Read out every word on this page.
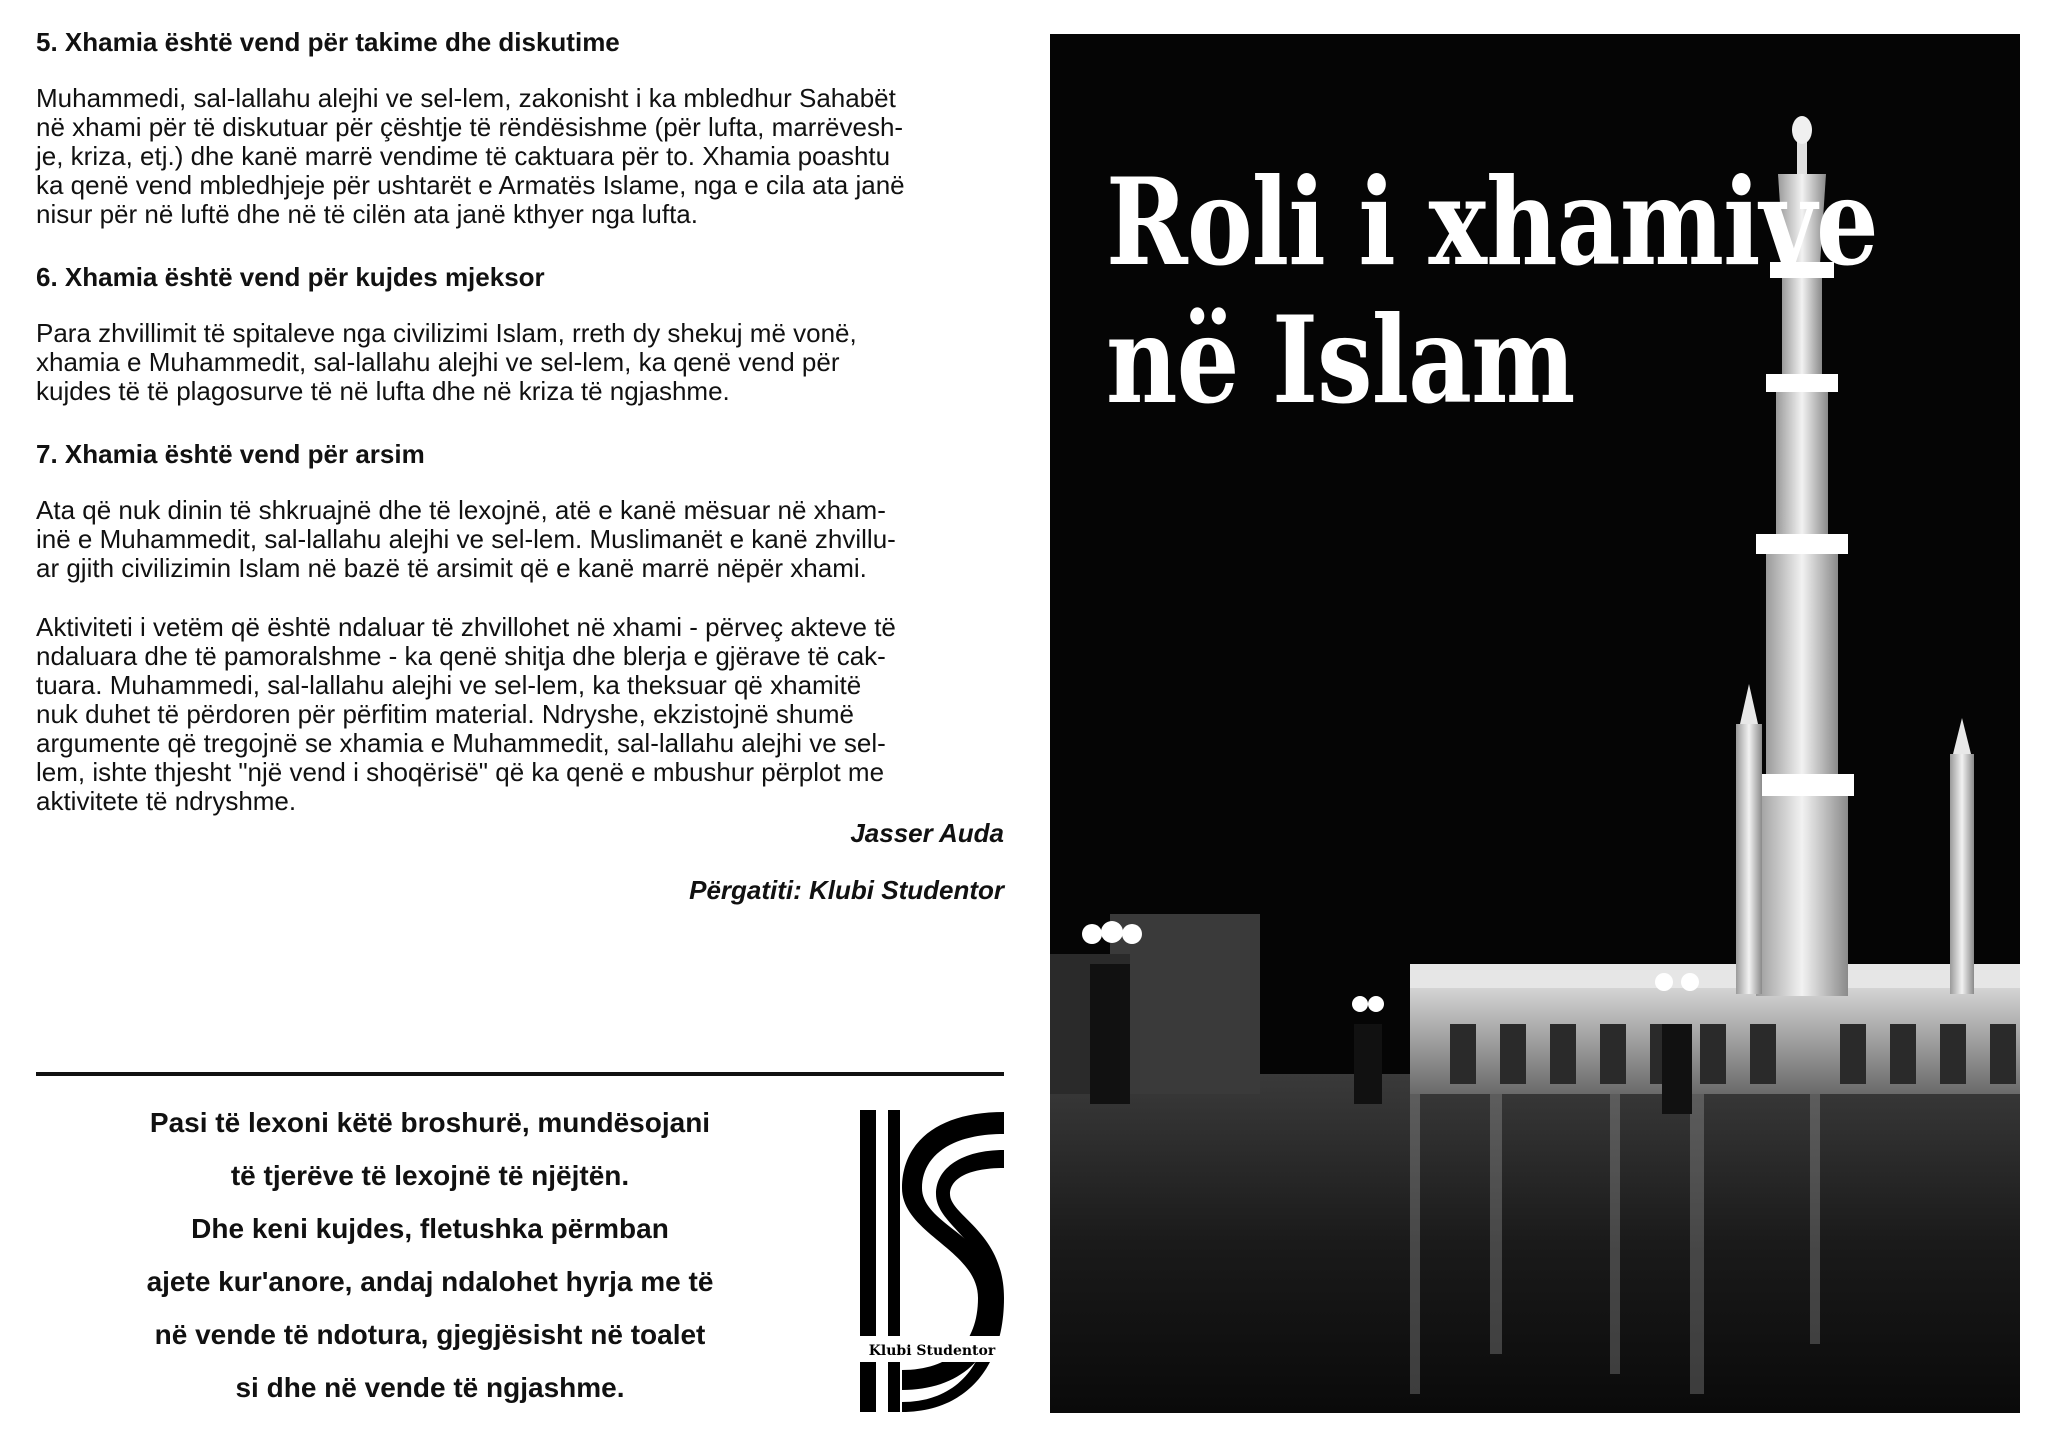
5. Xhamia është vend për takime dhe diskutime

Muhammedi, sal-lallahu alejhi ve sel-lem, zakonisht i ka mbledhur Sahabët
në xhami për të diskutuar për çështje të rëndësishme (për lufta, marrëvesh-
je, kriza, etj.) dhe kanë marrë vendime të caktuara për to. Xhamia poashtu
ka qenë vend mbledhjeje për ushtarët e Armatës Islame, nga e cila ata janë
nisur për në luftë dhe në të cilën ata janë kthyer nga lufta.

6. Xhamia është vend për kujdes mjeksor

Para zhvillimit të spitaleve nga civilizimi Islam, rreth dy shekuj më vonë,
xhamia e Muhammedit, sal-lallahu alejhi ve sel-lem, ka qenë vend për
kujdes të të plagosurve të në lufta dhe në kriza të ngjashme.

7. Xhamia është vend për arsim

Ata që nuk dinin të shkruajnë dhe të lexojnë, atë e kanë mësuar në xham-
inë e Muhammedit, sal-lallahu alejhi ve sel-lem. Muslimanët e kanë zhvillu-
ar gjith civilizimin Islam në bazë të arsimit që e kanë marrë nëpër xhami.
Aktiviteti i vetëm që është ndaluar të zhvillohet në xhami - përveç akteve të
ndaluara dhe të pamoralshme - ka qenë shitja dhe blerja e gjërave të cak-
tuara. Muhammedi, sal-lallahu alejhi ve sel-lem, ka theksuar që xhamitë
nuk duhet të përdoren për përfitim material. Ndryshe, ekzistojnë shumë
argumente që tregojnë se xhamia e Muhammedit, sal-lallahu alejhi ve sel-
lem, ishte thjesht "një vend i shoqërisë" që ka qenë e mbushur përplot me
aktivitete të ndryshme.

Jasser Auda

Përgatiti: Klubi Studentor

Pasi të lexoni këtë broshurë, mundësojani
të tjerëve të lexojnë të njëjtën.
Dhe keni kujdes, fletushka përmban
ajete kur'anore, andaj ndalohet hyrja me të
në vende të ndotura, gjegjësisht në toalet
si dhe në vende të ngjashme.
Klubi Studentor
Roli i xhamive
në Islam
